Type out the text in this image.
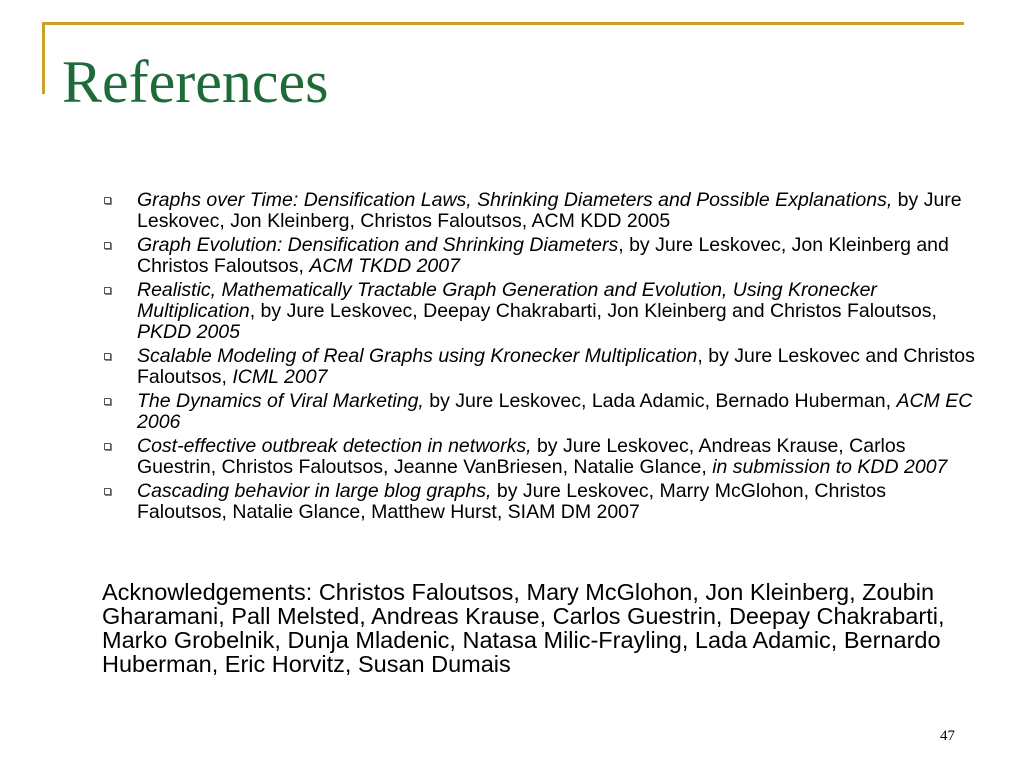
References
Graphs over Time: Densification Laws, Shrinking Diameters and Possible Explanations, by Jure Leskovec, Jon Kleinberg, Christos Faloutsos, ACM KDD 2005
Graph Evolution: Densification and Shrinking Diameters, by Jure Leskovec, Jon Kleinberg and Christos Faloutsos, ACM TKDD 2007
Realistic, Mathematically Tractable Graph Generation and Evolution, Using Kronecker Multiplication, by Jure Leskovec, Deepay Chakrabarti, Jon Kleinberg and Christos Faloutsos, PKDD 2005
Scalable Modeling of Real Graphs using Kronecker Multiplication, by Jure Leskovec and Christos Faloutsos, ICML 2007
The Dynamics of Viral Marketing, by Jure Leskovec, Lada Adamic, Bernado Huberman, ACM EC 2006
Cost-effective outbreak detection in networks, by Jure Leskovec, Andreas Krause, Carlos Guestrin, Christos Faloutsos, Jeanne VanBriesen, Natalie Glance, in submission to KDD 2007
Cascading behavior in large blog graphs, by Jure Leskovec, Marry McGlohon, Christos Faloutsos, Natalie Glance, Matthew Hurst, SIAM DM 2007

Acknowledgements: Christos Faloutsos, Mary McGlohon, Jon Kleinberg, Zoubin Gharamani, Pall Melsted, Andreas Krause, Carlos Guestrin, Deepay Chakrabarti, Marko Grobelnik, Dunja Mladenic, Natasa Milic-Frayling, Lada Adamic, Bernardo Huberman, Eric Horvitz, Susan Dumais

47
